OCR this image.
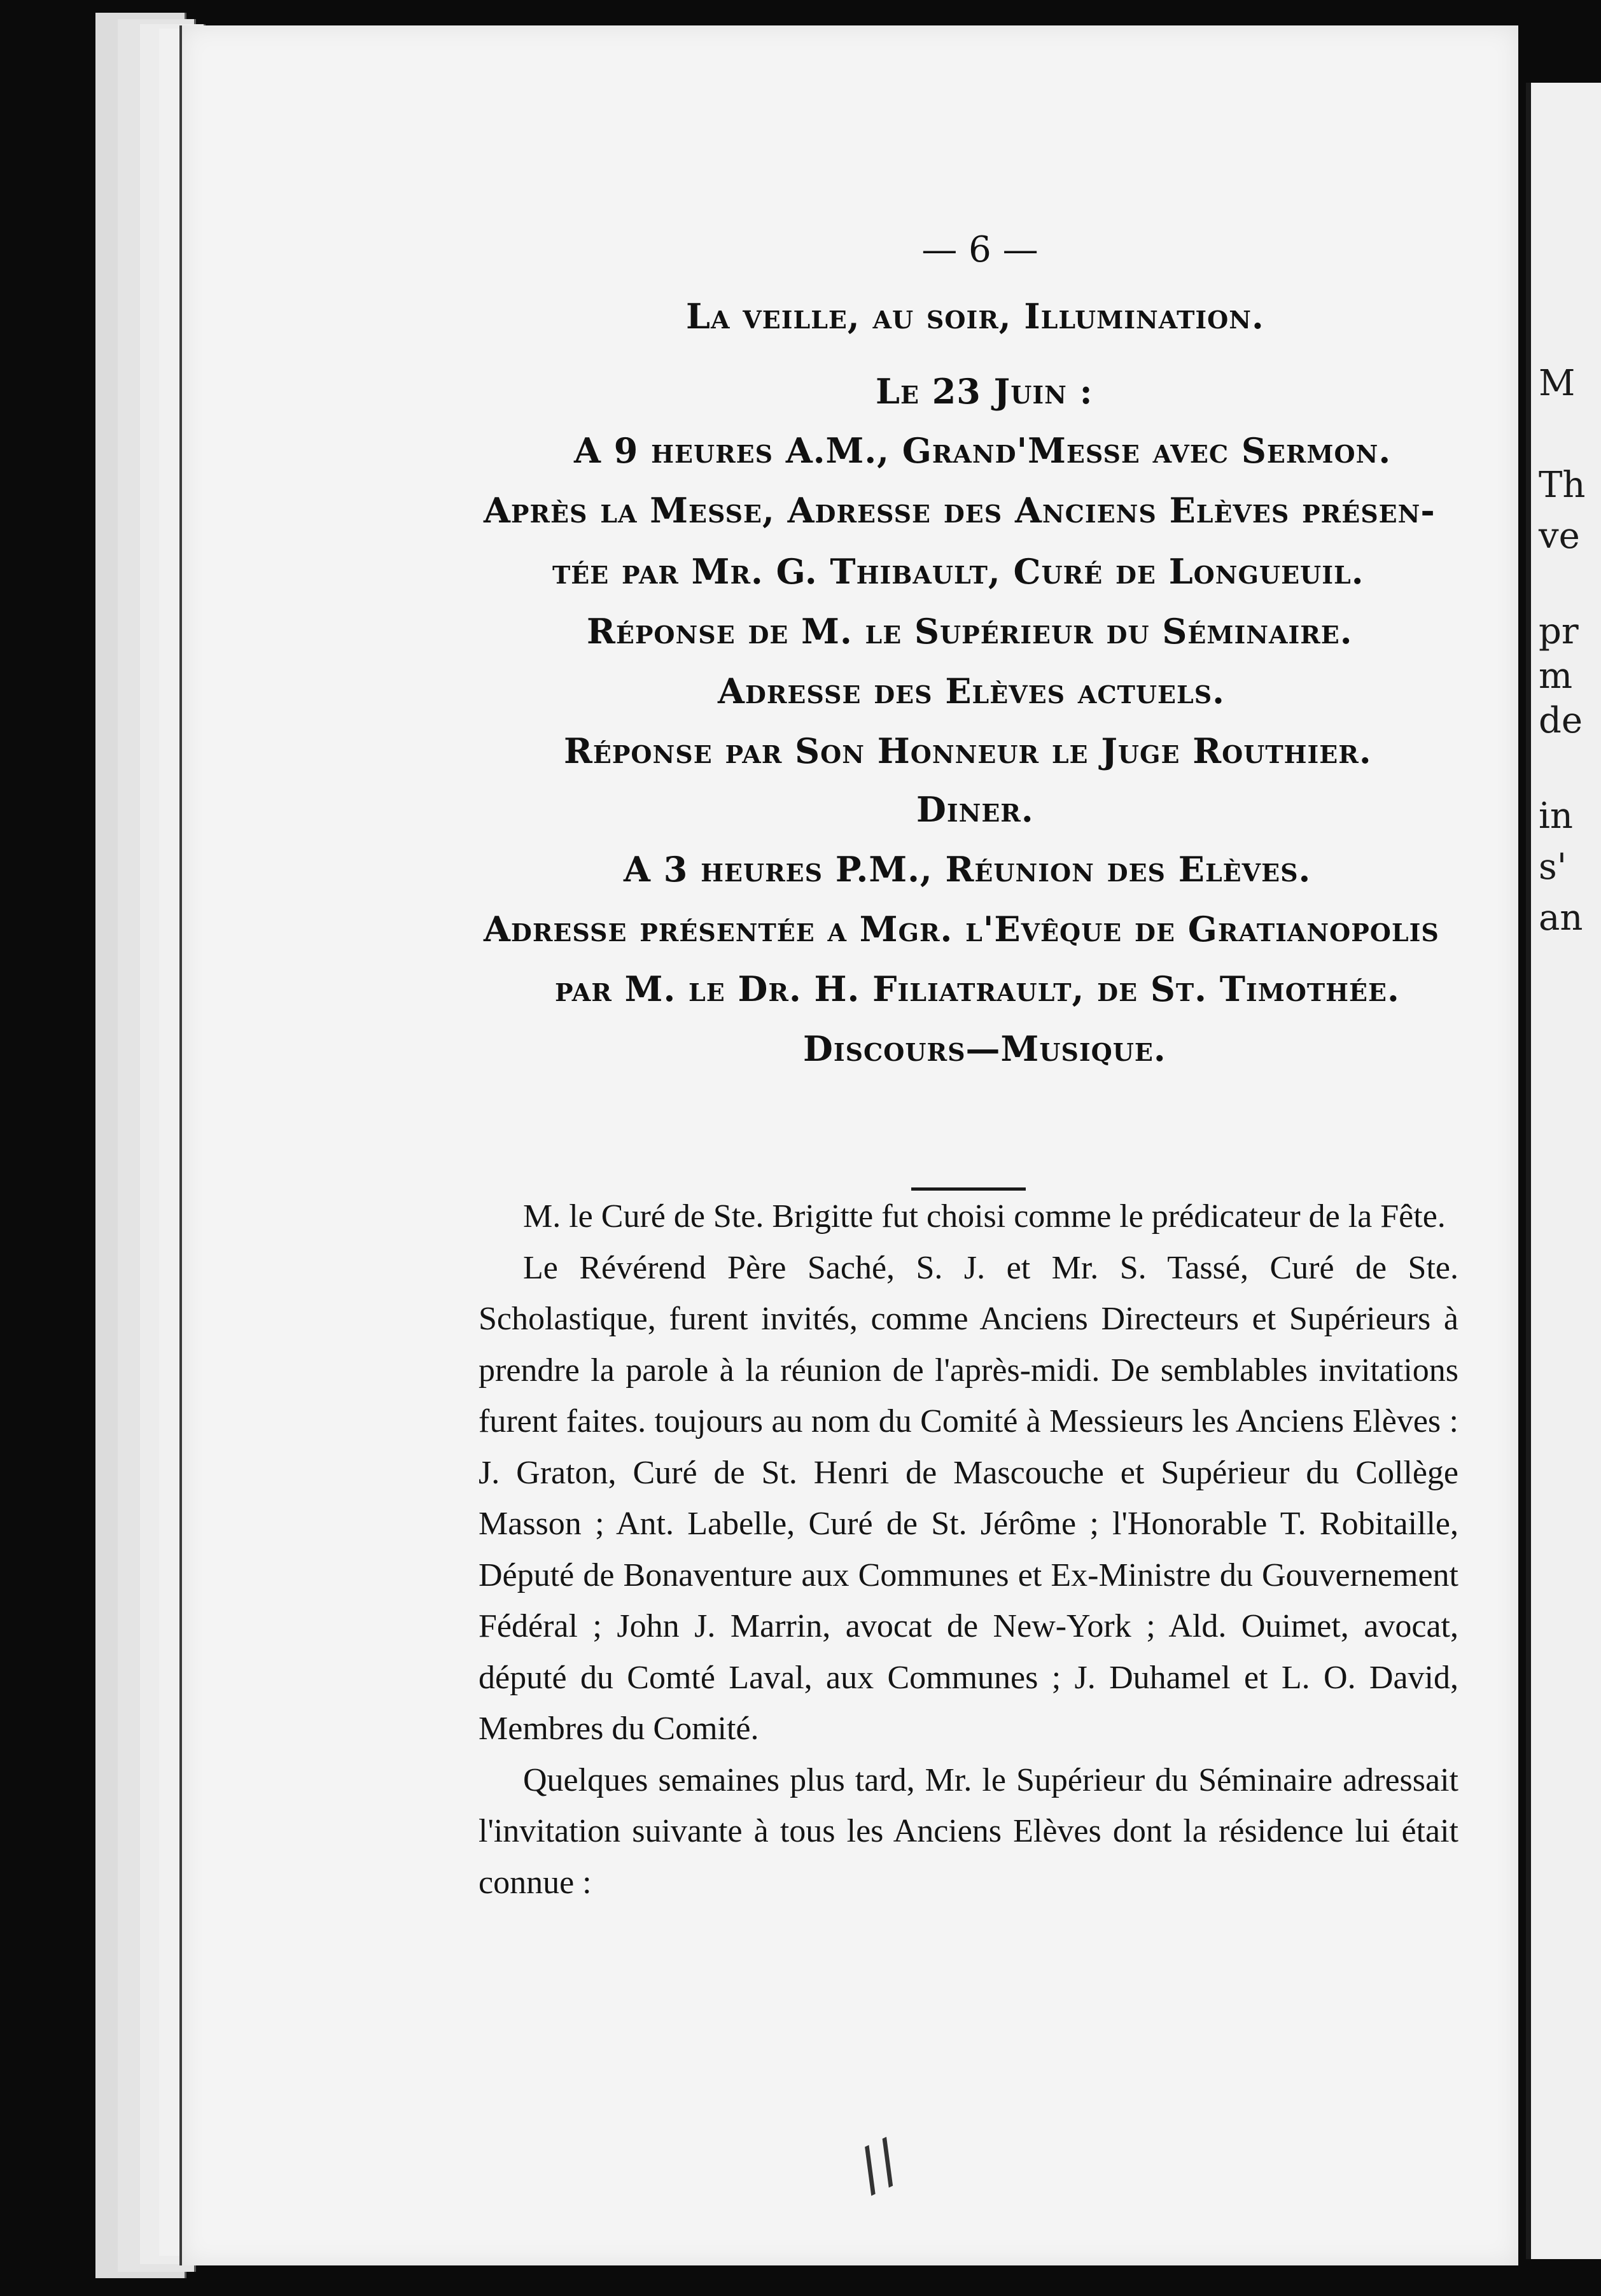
M
Th
ve
pr
m
de
in
s'
an
— 6 —
La veille, au soir, Illumination.
Le 23 Juin :
A 9 heures A.M., Grand'Messe avec Sermon.
Après la Messe, Adresse des Anciens Elèves présen-
tée par Mr. G. Thibault, Curé de Longueuil.
Réponse de M. le Supérieur du Séminaire.
Adresse des Elèves actuels.
Réponse par Son Honneur le Juge Routhier.
Diner.
A 3 heures P.M., Réunion des Elèves.
Adresse présentée a Mgr. l'Evêque de Gratianopolis
par M. le Dr. H. Filiatrault, de St. Timothée.
Discours—Musique.

M. le Curé de Ste. Brigitte fut choisi comme le prédicateur de la Fête.

Le Révérend Père Saché, S. J. et Mr. S. Tassé, Curé de Ste. Scholastique, furent invités, comme Anciens Directeurs et Supérieurs à prendre la parole à la réunion de l'après-midi. De semblables invitations furent faites. toujours au nom du Comité à Messieurs les Anciens Elèves : J. Graton, Curé de St. Henri de Mascouche et Supérieur du Collège Masson ; Ant. Labelle, Curé de St. Jérôme ; l'Honorable T. Robitaille, Député de Bonaventure aux Communes et Ex-Ministre du Gouvernement Fédéral ; John J. Marrin, avocat de New-York ; Ald. Ouimet, avocat, député du Comté Laval, aux Communes ; J. Duhamel et L. O. David, Membres du Comité.

Quelques semaines plus tard, Mr. le Supérieur du Séminaire adressait l'invitation suivante à tous les Anciens Elèves dont la résidence lui était connue :

//
